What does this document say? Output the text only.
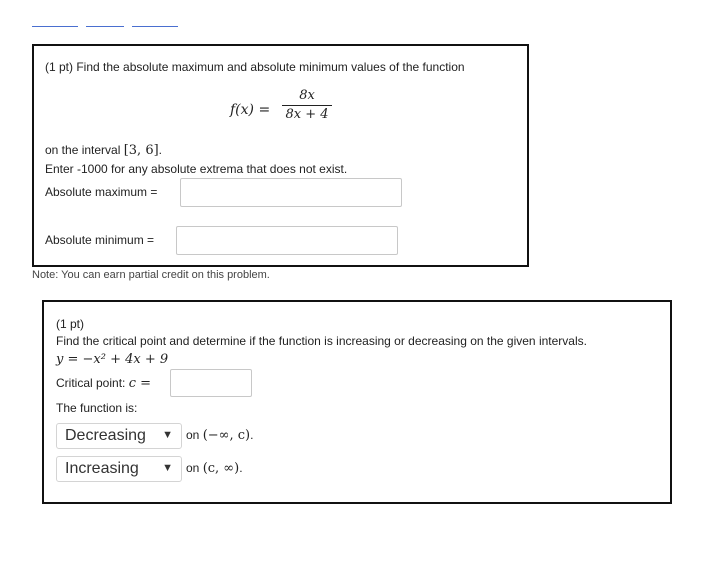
(1 pt) Find the absolute maximum and absolute minimum values of the function
f(x) =
8x
8x + 4
on the interval [3, 6].
Enter -1000 for any absolute extrema that does not exist.
Absolute maximum =
Absolute minimum =
Note: You can earn partial credit on this problem.
(1 pt)
Find the critical point and determine if the function is increasing or decreasing on the given intervals.
y = −x² + 4x + 9
Critical point: c =
The function is:
Decreasing ▼ on (−∞, c).
Increasing ▼ on (c, ∞).
